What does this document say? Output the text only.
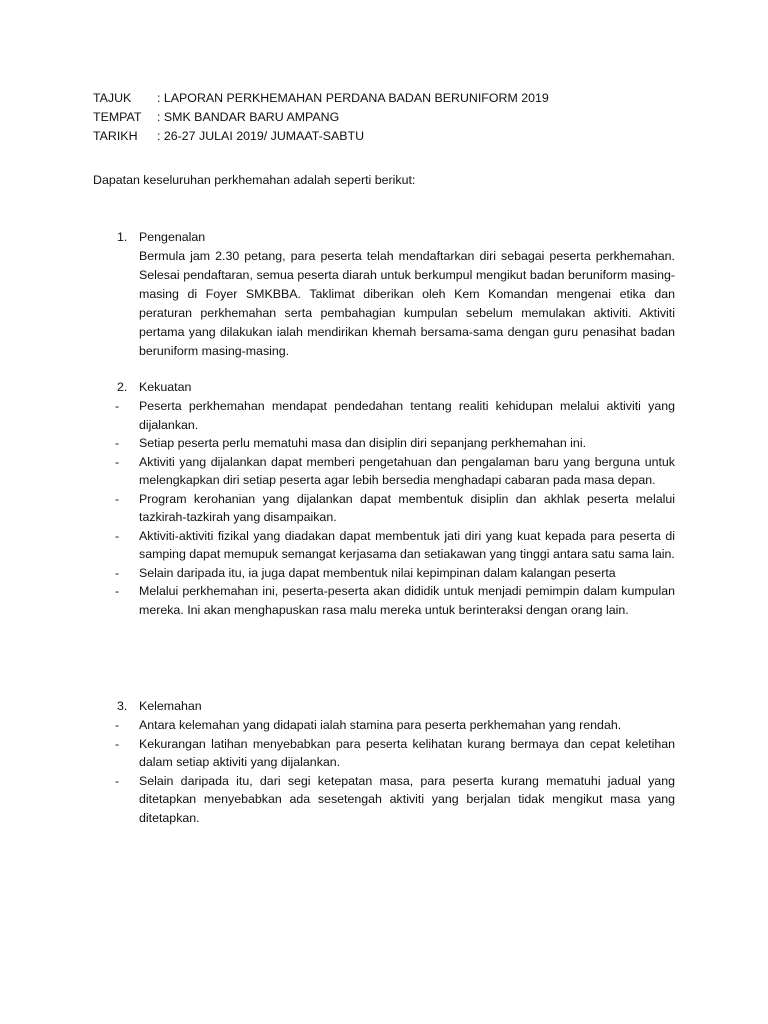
TAJUK : LAPORAN PERKHEMAHAN PERDANA BADAN BERUNIFORM 2019
TEMPAT : SMK BANDAR BARU AMPANG
TARIKH : 26-27 JULAI 2019/ JUMAAT-SABTU
Dapatan keseluruhan perkhemahan adalah seperti berikut:
1. Pengenalan
Bermula jam 2.30 petang, para peserta telah mendaftarkan diri sebagai peserta perkhemahan. Selesai pendaftaran, semua peserta diarah untuk berkumpul mengikut badan beruniform masing-masing di Foyer SMKBBA. Taklimat diberikan oleh Kem Komandan mengenai etika dan peraturan perkhemahan serta pembahagian kumpulan sebelum memulakan aktiviti. Aktiviti pertama yang dilakukan ialah mendirikan khemah bersama-sama dengan guru penasihat badan beruniform masing-masing.
2. Kekuatan
- Peserta perkhemahan mendapat pendedahan tentang realiti kehidupan melalui aktiviti yang dijalankan.
- Setiap peserta perlu mematuhi masa dan disiplin diri sepanjang perkhemahan ini.
- Aktiviti yang dijalankan dapat memberi pengetahuan dan pengalaman baru yang berguna untuk melengkapkan diri setiap peserta agar lebih bersedia menghadapi cabaran pada masa depan.
- Program kerohanian yang dijalankan dapat membentuk disiplin dan akhlak peserta melalui tazkirah-tazkirah yang disampaikan.
- Aktiviti-aktiviti fizikal yang diadakan dapat membentuk jati diri yang kuat kepada para peserta di samping dapat memupuk semangat kerjasama dan setiakawan yang tinggi antara satu sama lain.
- Selain daripada itu, ia juga dapat membentuk nilai kepimpinan dalam kalangan peserta
- Melalui perkhemahan ini, peserta-peserta akan dididik untuk menjadi pemimpin dalam kumpulan mereka. Ini akan menghapuskan rasa malu mereka untuk berinteraksi dengan orang lain.
3. Kelemahan
- Antara kelemahan yang didapati ialah stamina para peserta perkhemahan yang rendah.
- Kekurangan latihan menyebabkan para peserta kelihatan kurang bermaya dan cepat keletihan dalam setiap aktiviti yang dijalankan.
- Selain daripada itu, dari segi ketepatan masa, para peserta kurang mematuhi jadual yang ditetapkan menyebabkan ada sesetengah aktiviti yang berjalan tidak mengikut masa yang ditetapkan.
